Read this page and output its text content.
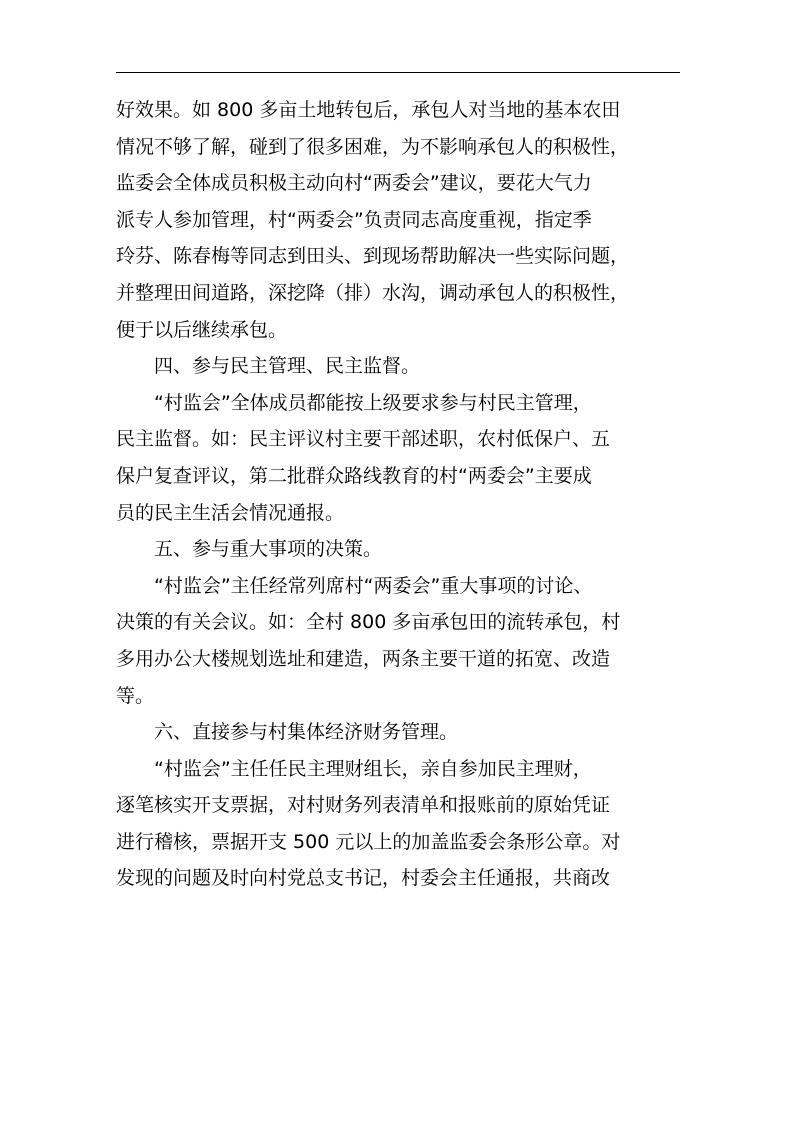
好效果。如 800 多亩土地转包后，承包人对当地的基本农田
情况不够了解，碰到了很多困难，为不影响承包人的积极性，
监委会全体成员积极主动向村“两委会”建议，要花大气力
派专人参加管理，村“两委会”负责同志高度重视，指定季
玲芬、陈春梅等同志到田头、到现场帮助解决一些实际问题，
并整理田间道路，深挖降（排）水沟，调动承包人的积极性，
便于以后继续承包。
四、参与民主管理、民主监督。
“村监会”全体成员都能按上级要求参与村民主管理，
民主监督。如：民主评议村主要干部述职，农村低保户、五
保户复查评议，第二批群众路线教育的村“两委会”主要成
员的民主生活会情况通报。
五、参与重大事项的决策。
“村监会”主任经常列席村“两委会”重大事项的讨论、
决策的有关会议。如：全村 800 多亩承包田的流转承包，村
多用办公大楼规划选址和建造，两条主要干道的拓宽、改造
等。
六、直接参与村集体经济财务管理。
“村监会”主任任民主理财组长，亲自参加民主理财，
逐笔核实开支票据，对村财务列表清单和报账前的原始凭证
进行稽核，票据开支 500 元以上的加盖监委会条形公章。对
发现的问题及时向村党总支书记，村委会主任通报，共商改
